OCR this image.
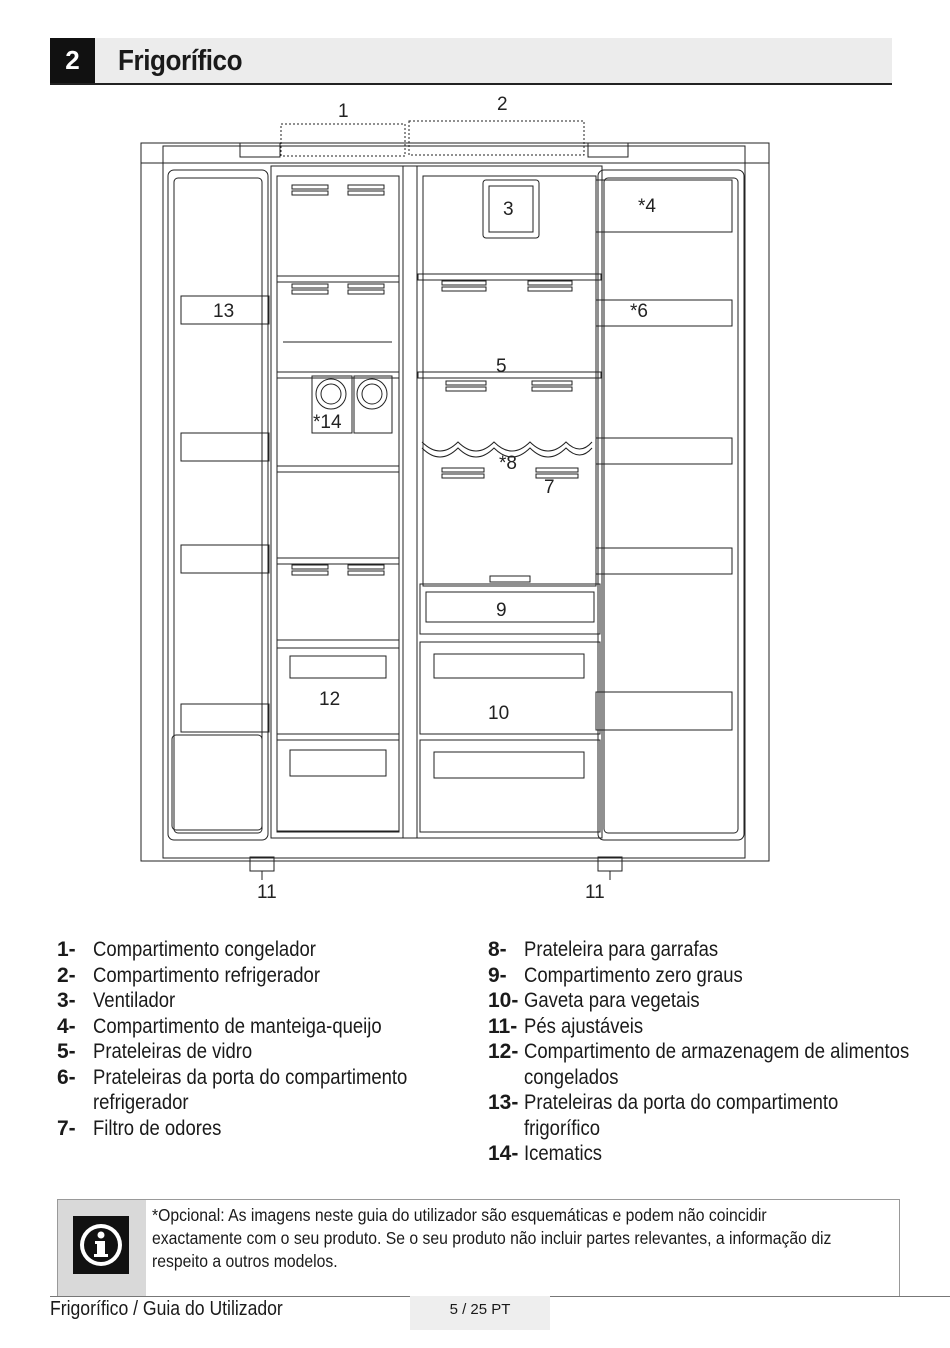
2	Frigorífico
1	2
3	*4
5
*6
7
*8
9
10
11	11
12
13
*14
1- Compartimento congelador
2- Compartimento refrigerador
3- Ventilador
4- Compartimento de manteiga-queijo
5- Prateleiras de vidro
6- Prateleiras da porta do compartimento
refrigerador
7- Filtro de odores
8- Prateleira para garrafas
9- Compartimento zero graus
10- Gaveta para vegetais
11- Pés ajustáveis
12- Compartimento de armazenagem de alimentos
congelados
13- Prateleiras da porta do compartimento
frigorífico
14- Icematics
*Opcional: As imagens neste guia do utilizador são esquemáticas e podem não coincidir exactamente com o seu produto. Se o seu produto não incluir partes relevantes, a informação diz respeito a outros modelos.
Frigorífico / Guia do Utilizador	5 / 25 PT
